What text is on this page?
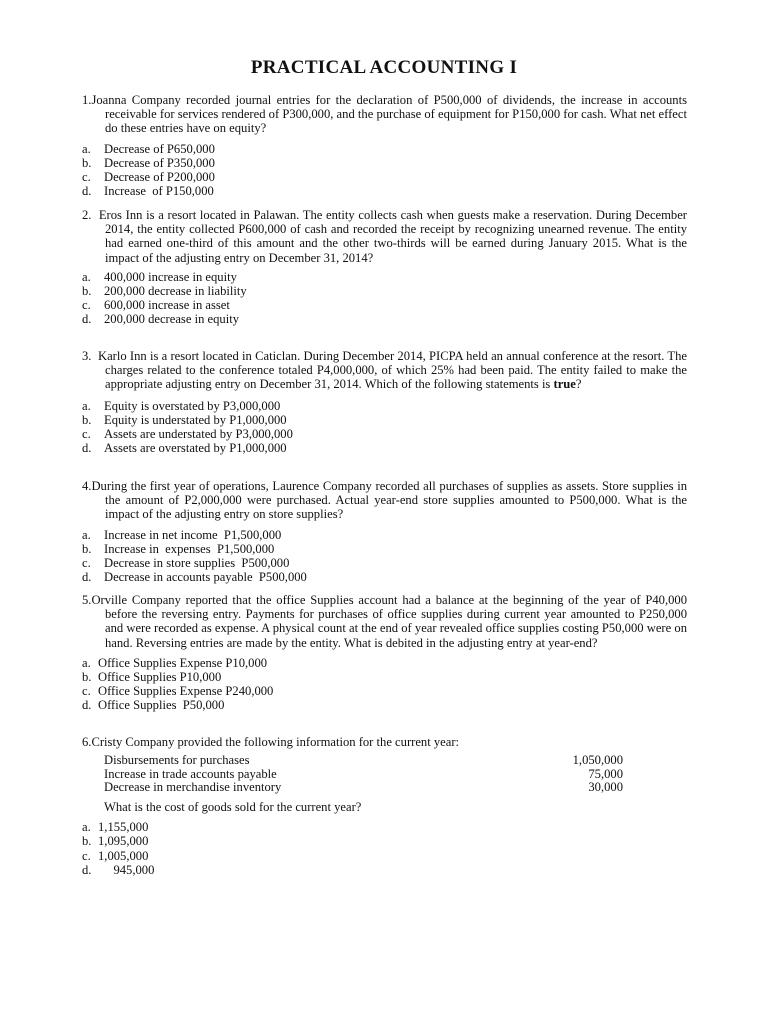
PRACTICAL ACCOUNTING I
1.Joanna Company recorded journal entries for the declaration of P500,000 of dividends, the increase in accounts receivable for services rendered of P300,000, and the purchase of equipment for P150,000 for cash. What net effect do these entries have on equity?
a. Decrease of P650,000
b. Decrease of P350,000
c. Decrease of P200,000
d. Increase  of P150,000
2. Eros Inn is a resort located in Palawan. The entity collects cash when guests make a reservation. During December 2014, the entity collected P600,000 of cash and recorded the receipt by recognizing unearned revenue. The entity had earned one-third of this amount and the other two-thirds will be earned during January 2015. What is the impact of the adjusting entry on December 31, 2014?
a. 400,000 increase in equity
b. 200,000 decrease in liability
c. 600,000 increase in asset
d. 200,000 decrease in equity
3. Karlo Inn is a resort located in Caticlan. During December 2014, PICPA held an annual conference at the resort. The charges related to the conference totaled P4,000,000, of which 25% had been paid. The entity failed to make the appropriate adjusting entry on December 31, 2014. Which of the following statements is true?
a. Equity is overstated by P3,000,000
b. Equity is understated by P1,000,000
c. Assets are understated by P3,000,000
d. Assets are overstated by P1,000,000
4.During the first year of operations, Laurence Company recorded all purchases of supplies as assets. Store supplies in the amount of P2,000,000 were purchased. Actual year-end store supplies amounted to P500,000. What is the impact of the adjusting entry on store supplies?
a. Increase in net income  P1,500,000
b. Increase in  expenses  P1,500,000
c. Decrease in store supplies  P500,000
d. Decrease in accounts payable  P500,000
5.Orville Company reported that the office Supplies account had a balance at the beginning of the year of P40,000 before the reversing entry. Payments for purchases of office supplies during current year amounted to P250,000 and were recorded as expense. A physical count at the end of year revealed office supplies costing P50,000 were on hand. Reversing entries are made by the entity. What is debited in the adjusting entry at year-end?
a. Office Supplies Expense P10,000
b. Office Supplies P10,000
c. Office Supplies Expense P240,000
d. Office Supplies  P50,000
6.Cristy Company provided the following information for the current year:
Disbursements for purchases	1,050,000
Increase in trade accounts payable	75,000
Decrease in merchandise inventory	30,000
What is the cost of goods sold for the current year?
a. 1,155,000
b. 1,095,000
c. 1,005,000
d. 945,000
